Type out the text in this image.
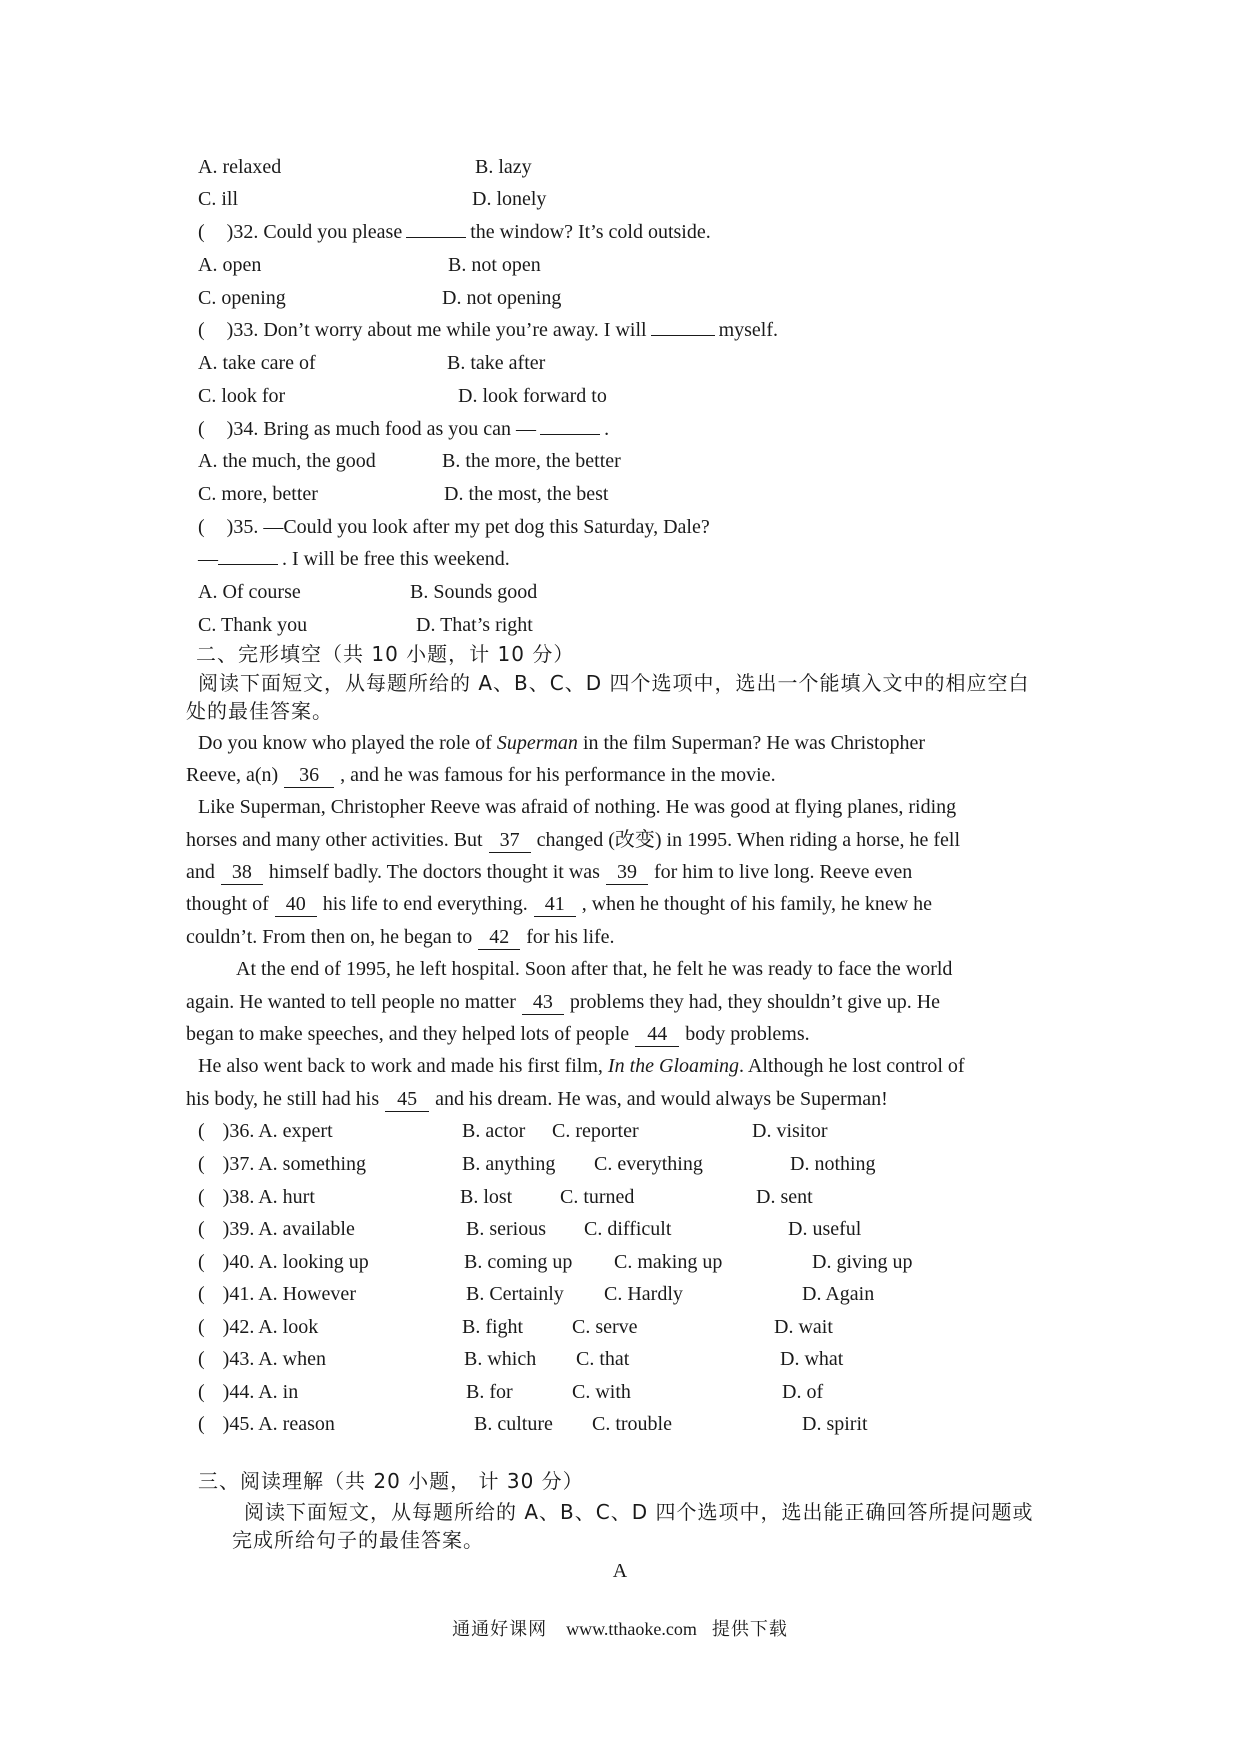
A. relaxed	B. lazy
C. ill	D. lonely
( )32. Could you please	the window? It’s cold outside.
A. open	B. not open
C. opening	D. not opening
( )33. Don’t worry about me while you’re away. I will	myself.
A. take care of	B. take after
C. look for	D. look forward to
( )34. Bring as much food as you can —	.
A. the much, the good	B. the more, the better
C. more, better	D. the most, the best
( )35. —Could you look after my pet dog this Saturday, Dale?
—	. I will be free this weekend.
A. Of course	B. Sounds good
C. Thank you	D. That’s right
二、完形填空（共 10 小题，计 10 分）
阅读下面短文，从每题所给的 A、B、C、D 四个选项中，选出一个能填入文中的相应空白
处的最佳答案。
Do you know who played the role of Superman in the film Superman? He was Christopher
Reeve, a(n) 36 , and he was famous for his performance in the movie.
Like Superman, Christopher Reeve was afraid of nothing. He was good at flying planes, riding
horses and many other activities. But 37 changed (改变) in 1995. When riding a horse, he fell
and 38 himself badly. The doctors thought it was 39 for him to live long. Reeve even
thought of 40 his life to end everything. 41 , when he thought of his family, he knew he
couldn’t. From then on, he began to 42 for his life.
At the end of 1995, he left hospital. Soon after that, he felt he was ready to face the world
again. He wanted to tell people no matter 43 problems they had, they shouldn’t give up. He
began to make speeches, and they helped lots of people 44 body problems.
He also went back to work and made his first film, In the Gloaming. Although he lost control of
his body, he still had his 45 and his dream. He was, and would always be Superman!
( )36. A. expert	B. actor C. reporter	D. visitor
( )37. A. something	B. anything C. everything	D. nothing
( )38. A. hurt	B. lost C. turned	D. sent
( )39. A. available	B. serious C. difficult	D. useful
( )40. A. looking up	B. coming up C. making up	D. giving up
( )41. A. However	B. Certainly C. Hardly	D. Again
( )42. A. look	B. fight C. serve	D. wait
( )43. A. when	B. which C. that	D. what
( )44. A. in	B. for	C. with	D. of
( )45. A. reason	B. culture C. trouble	D. spirit
三、阅读理解（共 20 小题， 计 30 分）
阅读下面短文，从每题所给的 A、B、C、D 四个选项中，选出能正确回答所提问题或
完成所给句子的最佳答案。
A
通通好课网 www.tthaoke.com 提供下载
